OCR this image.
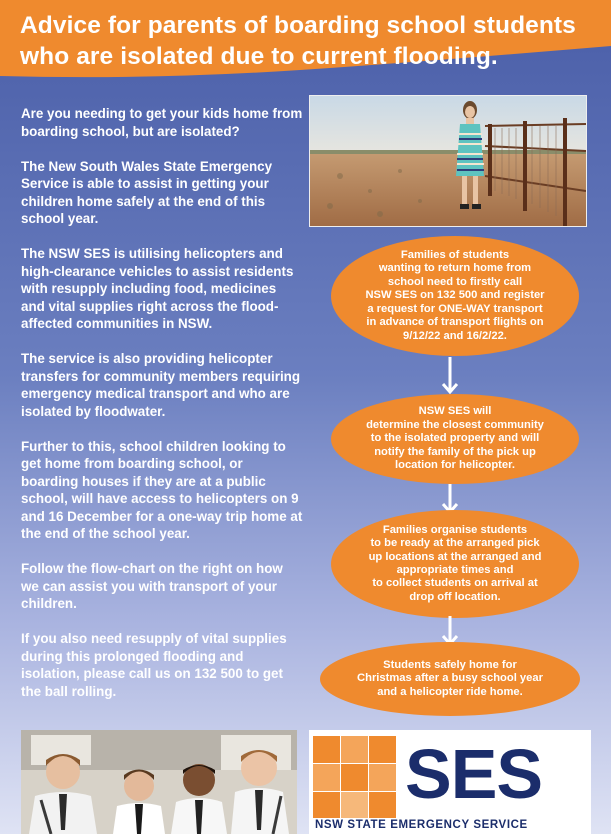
Advice for parents of boarding school students
who are isolated due to current flooding.

Are you needing to get your kids home from boarding school, but are isolated?

The New South Wales State Emergency Service is able to assist in getting your children home safely at the end of this school year.

The NSW SES is utilising helicopters and high-clearance vehicles to assist residents with resupply including food, medicines and vital supplies right across the flood-affected communities in NSW.

The service is also providing helicopter transfers for community members requiring emergency medical transport and who are isolated by floodwater.

Further to this, school children looking to get home from boarding school, or boarding houses if they are at a public school, will have access to helicopters on 9 and 16 December for a one-way trip home at the end of the school year.

Follow the flow-chart on the right on how we can assist you with transport of your children.

If you also need resupply of vital supplies during this prolonged flooding and isolation, please call us on 132 500 to get the ball rolling.

Families of students
wanting to return home from
school need to firstly call
NSW SES on 132 500 and register
a request for ONE-WAY transport
in advance of transport flights on
9/12/22 and 16/2/22.
NSW SES will
determine the closest community
to the isolated property and will
notify the family of the pick up
location for helicopter.
Families organise students
to be ready at the arranged pick
up locations at the arranged and
appropriate times and
to collect students on arrival at
drop off location.
Students safely home for
Christmas after a busy school year
and a helicopter ride home.
SES
NSW STATE EMERGENCY SERVICE
